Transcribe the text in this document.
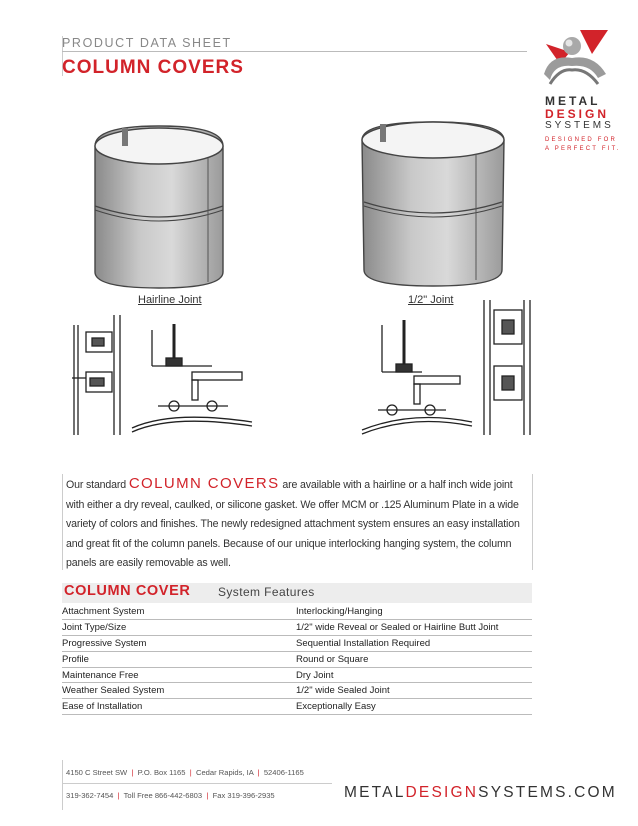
PRODUCT DATA SHEET
COLUMN COVERS
METAL
DESIGN
SYSTEMS
DESIGNED FOR
A PERFECT FIT.
Hairline Joint	1/2" Joint
Our standard COLUMN COVERS are available with a hairline or a half inch wide joint with either a dry reveal, caulked, or silicone gasket. We offer MCM or .125 Aluminum Plate in a wide variety of colors and finishes. The newly redesigned attachment system ensures an easy installation and great fit of the column panels. Because of our unique interlocking hanging system, the column panels are easily removable as well.
COLUMN COVER System Features
Attachment System	Interlocking/Hanging
Joint Type/Size	1/2" wide Reveal or Sealed or Hairline Butt Joint
Progressive System	Sequential Installation Required
Profile	Round or Square
Maintenance Free	Dry Joint
Weather Sealed System	1/2" wide Sealed Joint
Ease of Installation	Exceptionally Easy
4150 C Street SW  |  P.O. Box 1165  |  Cedar Rapids, IA  |  52406-1165
319-362-7454  |  Toll Free 866-442-6803  |  Fax 319-396-2935	METALDESIGNSYSTEMS.COM
